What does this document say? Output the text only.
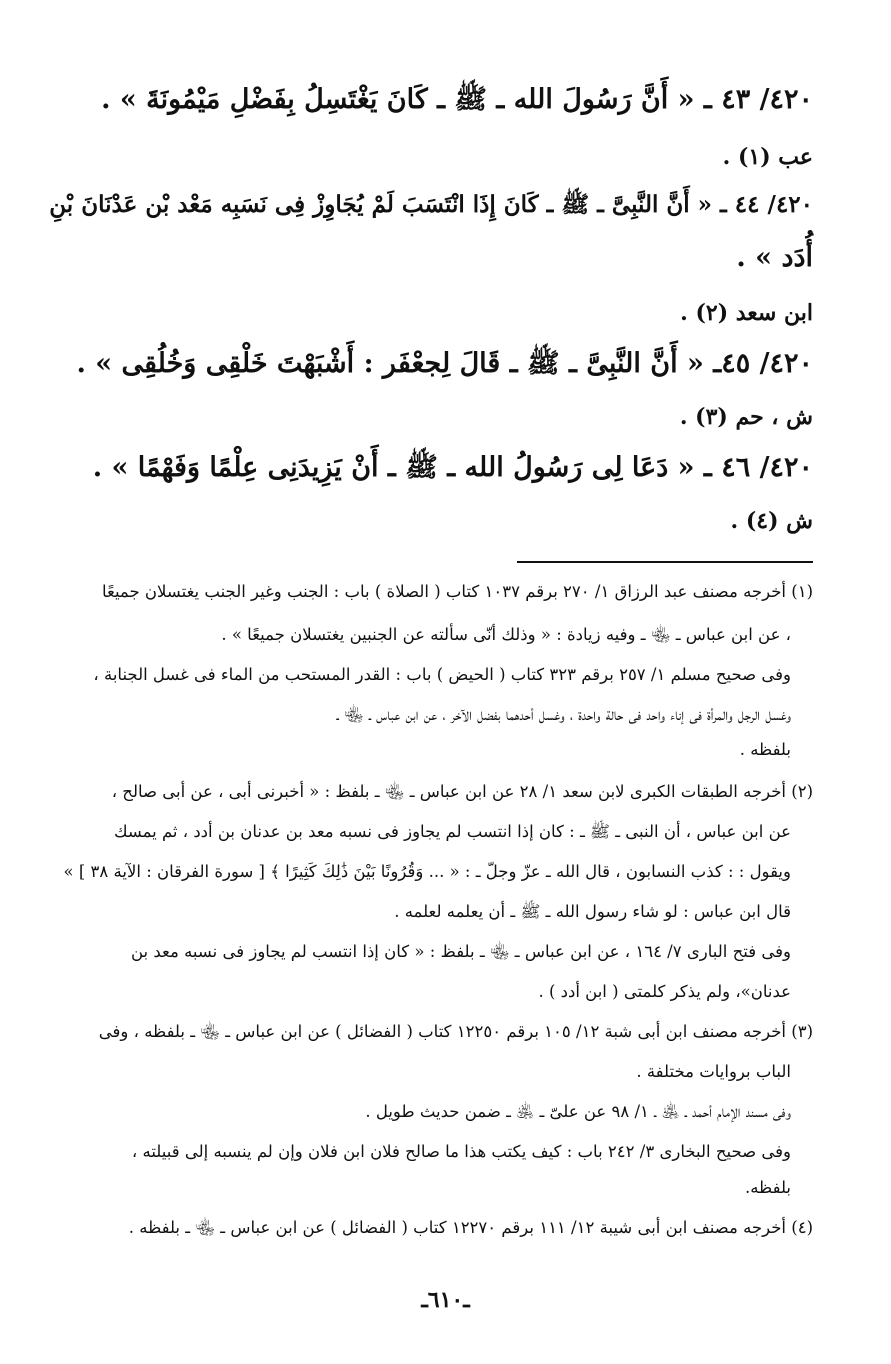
٤٢٠/ ٤٣ ـ « أَنَّ رَسُولَ الله ـ ﷺ ـ كَانَ يَغْتَسِلُ بِفَضْلِ مَيْمُونَةَ » .
عب (١) .
٤٢٠/ ٤٤ ـ « أَنَّ النَّبِىَّ ـ ﷺ ـ كَانَ إِذَا انْتَسَبَ لَمْ يُجَاوِزْ فِى نَسَبِه مَعْد بْن عَدْنَانَ بْنِ
أُدَد » .
ابن سعد (٢) .
٤٢٠/ ٤٥ـ « أَنَّ النَّبِىَّ ـ ﷺ ـ قَالَ لِجعْفَر : أَشْبَهْتَ خَلْقِى وَخُلُقِى » .
ش ، حم (٣) .
٤٢٠/ ٤٦ ـ « دَعَا لِى رَسُولُ الله ـ ﷺ ـ أَنْ يَزِيدَنِى عِلْمًا وَفَهْمًا » .
ش (٤) .
(١) أخرجه مصنف عبد الرزاق ١/ ٢٧٠ برقم ١٠٣٧ كتاب ( الصلاة ) باب : الجنب وغير الجنب يغتسلان جميعًا
، عن ابن عباس ـ ﵄ ـ وفيه زيادة : « وذلك أنّى سألته عن الجنبين يغتسلان جميعًا » .
وفى صحيح مسلم ١/ ٢٥٧ برقم ٣٢٣ كتاب ( الحيض ) باب : القدر المستحب من الماء فى غسل الجنابة ،
وغسل الرجل والمرأة فى إناء واحد فى حالة واحدة ، وغسل أحدهما بفضل الآخر ، عن ابن عباس ـ ﵄ ـ
بلفظه .
(٢) أخرجه الطبقات الكبرى لابن سعد ١/ ٢٨ عن ابن عباس ـ ﵄ ـ بلفظ : « أخبرنى أبى ، عن أبى صالح ،
عن ابن عباس ، أن النبى ـ ﷺ ـ : كان إذا انتسب لم يجاوز فى نسبه معد بن عدنان بن أدد ، ثم يمسك
ويقول : : كذب النسابون ، قال الله ـ عزّ وجلّ ـ : « ... وَقُرُونًا بَيْنَ ذَٰلِكَ كَثِيرًا ﴾ [ سورة الفرقان : الآية ٣٨ ] »
قال ابن عباس : لو شاء رسول الله ـ ﷺ ـ أن يعلمه لعلمه .
وفى فتح البارى ٧/ ١٦٤ ، عن ابن عباس ـ ﵄ ـ بلفظ : « كان إذا انتسب لم يجاوز فى نسبه معد بن
عدنان»، ولم يذكر كلمتى ( ابن أدد ) .
(٣) أخرجه مصنف ابن أبى شبة ١٢/ ١٠٥ برقم ١٢٢٥٠ كتاب ( الفضائل ) عن ابن عباس ـ ﵄ ـ بلفظه ، وفى
الباب بروايات مختلفة .
وفى مسند الإمام أحمد ـ ﵁ ـ ١/ ٩٨ عن علىّ ـ ﵁ ـ ضمن حديث طويل .
وفى صحيح البخارى ٣/ ٢٤٢ باب : كيف يكتب هذا ما صالح فلان ابن فلان وإن لم ينسبه إلى قبيلته ،
بلفظه.
(٤) أخرجه مصنف ابن أبى شيبة ١٢/ ١١١ برقم ١٢٢٧٠ كتاب ( الفضائل ) عن ابن عباس ـ ﵄ ـ بلفظه .
ـ٦١٠ـ
